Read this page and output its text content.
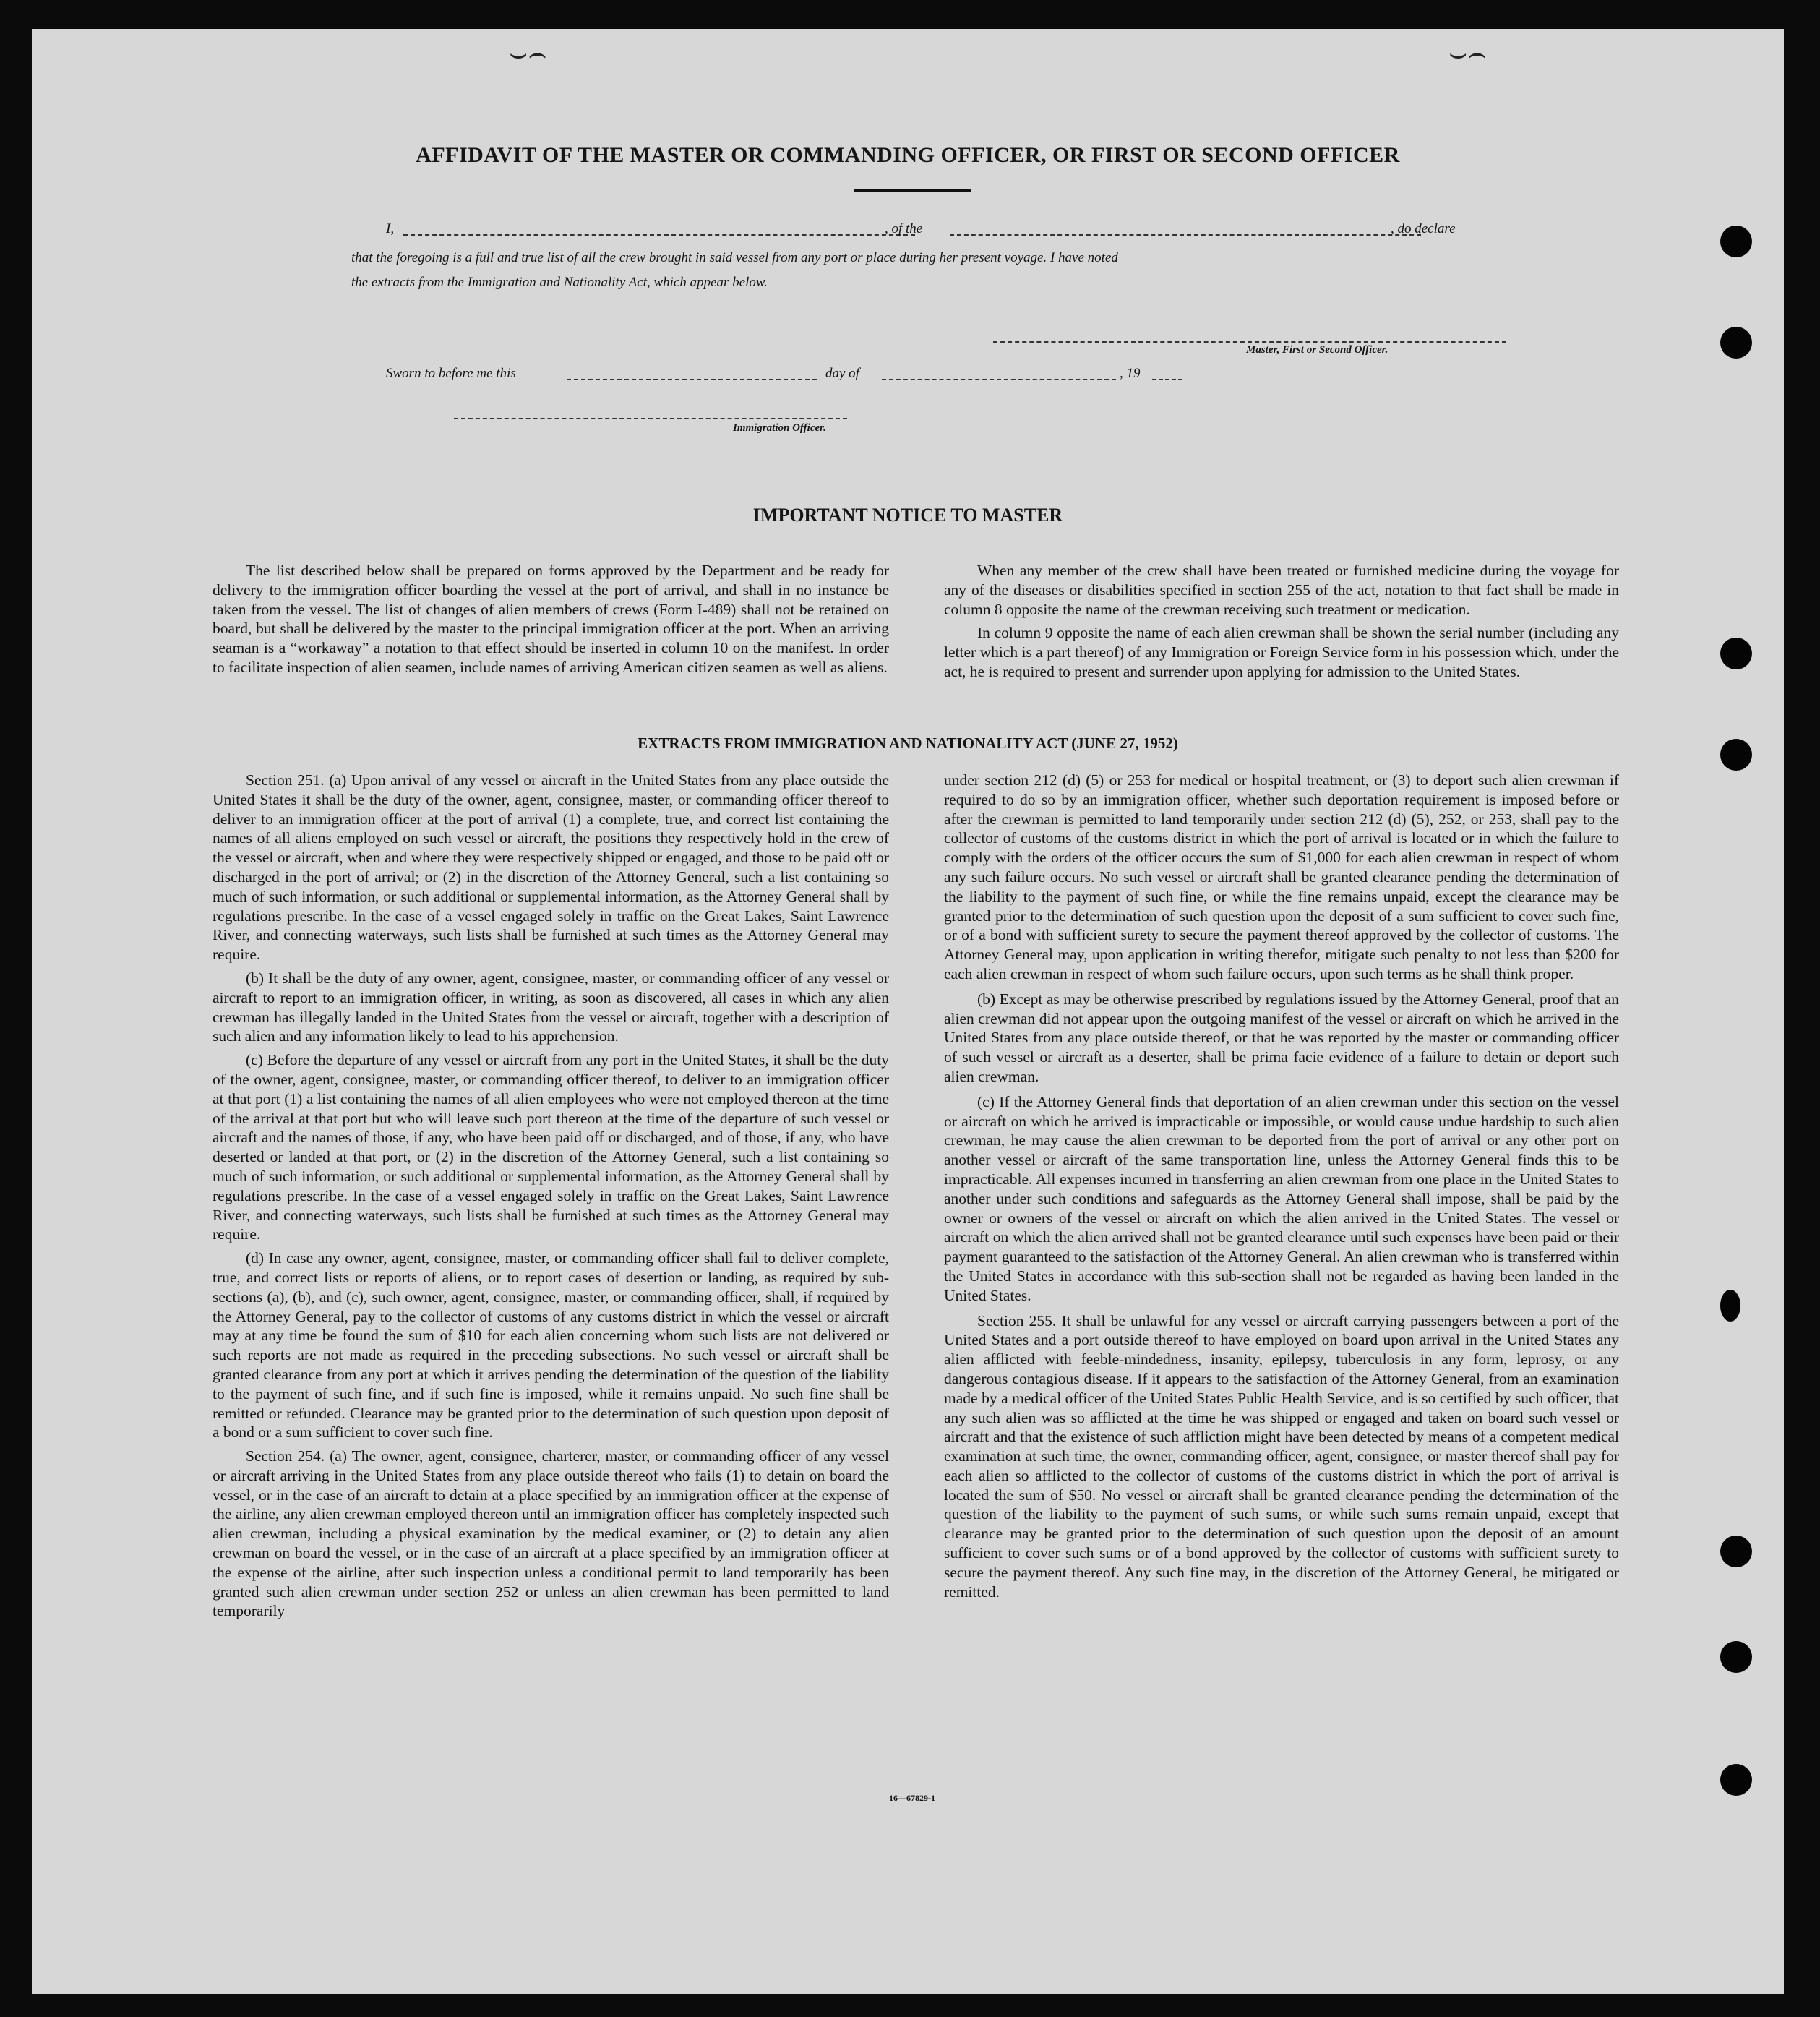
⌣⌢	⌣⌢
AFFIDAVIT OF THE MASTER OR COMMANDING OFFICER, OR FIRST OR SECOND OFFICER
I,	, of the	, do declare
that the foregoing is a full and true list of all the crew brought in said vessel from any port or place during her present voyage. I have noted
the extracts from the Immigration and Nationality Act, which appear below.
Master, First or Second Officer.
Sworn to before me this	day of	, 19
Immigration Officer.
IMPORTANT NOTICE TO MASTER

The list described below shall be prepared on forms approved by the Department and be ready for delivery to the immigration officer boarding the vessel at the port of arrival, and shall in no instance be taken from the vessel. The list of changes of alien members of crews (Form I-489) shall not be retained on board, but shall be delivered by the master to the principal immigration officer at the port. When an arriving seaman is a “workaway” a notation to that effect should be inserted in column 10 on the manifest. In order to facilitate inspection of alien seamen, include names of arriving American citizen seamen as well as aliens.

When any member of the crew shall have been treated or furnished medicine during the voyage for any of the diseases or disabilities specified in section 255 of the act, notation to that fact shall be made in column 8 opposite the name of the crewman receiving such treatment or medication.

In column 9 opposite the name of each alien crewman shall be shown the serial number (including any letter which is a part thereof) of any Immigration or Foreign Service form in his possession which, under the act, he is required to present and surrender upon applying for admission to the United States.

EXTRACTS FROM IMMIGRATION AND NATIONALITY ACT (JUNE 27, 1952)

Section 251. (a) Upon arrival of any vessel or aircraft in the United States from any place outside the United States it shall be the duty of the owner, agent, consignee, master, or commanding officer thereof to deliver to an immigration officer at the port of arrival (1) a complete, true, and correct list containing the names of all aliens employed on such vessel or aircraft, the positions they respectively hold in the crew of the vessel or aircraft, when and where they were respectively shipped or engaged, and those to be paid off or discharged in the port of arrival; or (2) in the discretion of the Attorney General, such a list containing so much of such information, or such additional or supplemental information, as the Attorney General shall by regulations prescribe. In the case of a vessel engaged solely in traffic on the Great Lakes, Saint Lawrence River, and connecting waterways, such lists shall be furnished at such times as the Attorney General may require.

(b) It shall be the duty of any owner, agent, consignee, master, or commanding officer of any vessel or aircraft to report to an immigration officer, in writing, as soon as discovered, all cases in which any alien crewman has illegally landed in the United States from the vessel or aircraft, together with a description of such alien and any information likely to lead to his apprehension.

(c) Before the departure of any vessel or aircraft from any port in the United States, it shall be the duty of the owner, agent, consignee, master, or commanding officer thereof, to deliver to an immigration officer at that port (1) a list containing the names of all alien employees who were not employed thereon at the time of the arrival at that port but who will leave such port thereon at the time of the departure of such vessel or aircraft and the names of those, if any, who have been paid off or discharged, and of those, if any, who have deserted or landed at that port, or (2) in the discretion of the Attorney General, such a list containing so much of such information, or such additional or supplemental information, as the Attorney General shall by regulations prescribe. In the case of a vessel engaged solely in traffic on the Great Lakes, Saint Lawrence River, and connecting waterways, such lists shall be furnished at such times as the Attorney General may require.

(d) In case any owner, agent, consignee, master, or commanding officer shall fail to deliver complete, true, and correct lists or reports of aliens, or to report cases of desertion or landing, as required by sub-sections (a), (b), and (c), such owner, agent, consignee, master, or commanding officer, shall, if required by the Attorney General, pay to the collector of customs of any customs district in which the vessel or aircraft may at any time be found the sum of $10 for each alien concerning whom such lists are not delivered or such reports are not made as required in the preceding subsections. No such vessel or aircraft shall be granted clearance from any port at which it arrives pending the determination of the question of the liability to the payment of such fine, and if such fine is imposed, while it remains unpaid. No such fine shall be remitted or refunded. Clearance may be granted prior to the determination of such question upon deposit of a bond or a sum sufficient to cover such fine.

Section 254. (a) The owner, agent, consignee, charterer, master, or commanding officer of any vessel or aircraft arriving in the United States from any place outside thereof who fails (1) to detain on board the vessel, or in the case of an aircraft to detain at a place specified by an immigration officer at the expense of the airline, any alien crewman employed thereon until an immigration officer has completely inspected such alien crewman, including a physical examination by the medical examiner, or (2) to detain any alien crewman on board the vessel, or in the case of an aircraft at a place specified by an immigration officer at the expense of the airline, after such inspection unless a conditional permit to land temporarily has been granted such alien crewman under section 252 or unless an alien crewman has been permitted to land temporarily

under section 212 (d) (5) or 253 for medical or hospital treatment, or (3) to deport such alien crewman if required to do so by an immigration officer, whether such deportation requirement is imposed before or after the crewman is permitted to land temporarily under section 212 (d) (5), 252, or 253, shall pay to the collector of customs of the customs district in which the port of arrival is located or in which the failure to comply with the orders of the officer occurs the sum of $1,000 for each alien crewman in respect of whom any such failure occurs. No such vessel or aircraft shall be granted clearance pending the determination of the liability to the payment of such fine, or while the fine remains unpaid, except the clearance may be granted prior to the determination of such question upon the deposit of a sum sufficient to cover such fine, or of a bond with sufficient surety to secure the payment thereof approved by the collector of customs. The Attorney General may, upon application in writing therefor, mitigate such penalty to not less than $200 for each alien crewman in respect of whom such failure occurs, upon such terms as he shall think proper.

(b) Except as may be otherwise prescribed by regulations issued by the Attorney General, proof that an alien crewman did not appear upon the outgoing manifest of the vessel or aircraft on which he arrived in the United States from any place outside thereof, or that he was reported by the master or commanding officer of such vessel or aircraft as a deserter, shall be prima facie evidence of a failure to detain or deport such alien crewman.

(c) If the Attorney General finds that deportation of an alien crewman under this section on the vessel or aircraft on which he arrived is impracticable or impossible, or would cause undue hardship to such alien crewman, he may cause the alien crewman to be deported from the port of arrival or any other port on another vessel or aircraft of the same transportation line, unless the Attorney General finds this to be impracticable. All expenses incurred in transferring an alien crewman from one place in the United States to another under such conditions and safeguards as the Attorney General shall impose, shall be paid by the owner or owners of the vessel or aircraft on which the alien arrived in the United States. The vessel or aircraft on which the alien arrived shall not be granted clearance until such expenses have been paid or their payment guaranteed to the satisfaction of the Attorney General. An alien crewman who is transferred within the United States in accordance with this sub-section shall not be regarded as having been landed in the United States.

Section 255. It shall be unlawful for any vessel or aircraft carrying passengers between a port of the United States and a port outside thereof to have employed on board upon arrival in the United States any alien afflicted with feeble-mindedness, insanity, epilepsy, tuberculosis in any form, leprosy, or any dangerous contagious disease. If it appears to the satisfaction of the Attorney General, from an examination made by a medical officer of the United States Public Health Service, and is so certified by such officer, that any such alien was so afflicted at the time he was shipped or engaged and taken on board such vessel or aircraft and that the existence of such affliction might have been detected by means of a competent medical examination at such time, the owner, commanding officer, agent, consignee, or master thereof shall pay for each alien so afflicted to the collector of customs of the customs district in which the port of arrival is located the sum of $50. No vessel or aircraft shall be granted clearance pending the determination of the question of the liability to the payment of such sums, or while such sums remain unpaid, except that clearance may be granted prior to the determination of such question upon the deposit of an amount sufficient to cover such sums or of a bond approved by the collector of customs with sufficient surety to secure the payment thereof. Any such fine may, in the discretion of the Attorney General, be mitigated or remitted.

16—67829-1
